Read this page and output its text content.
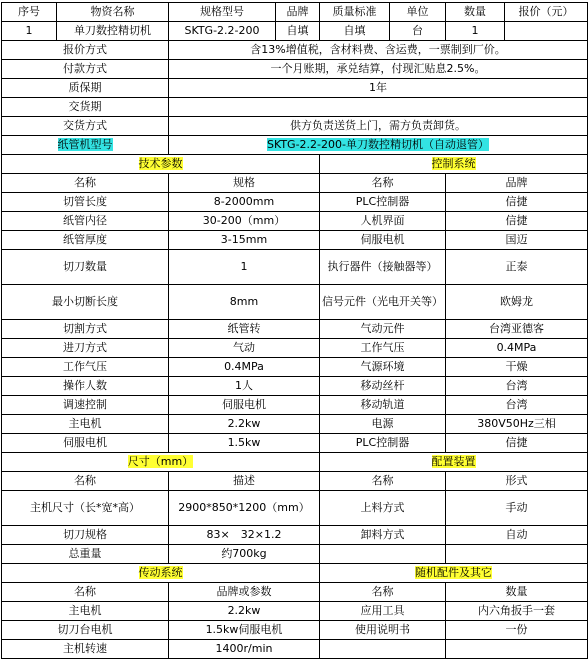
序号	物资名称	规格型号	品牌	质量标准	单位	数量	报价（元）
1	单刀数控精切机	SKTG-2.2-200	自填	自填	台	1	
报价方式		含13%增值税，含材料费、含运费，一票制到厂价。					
付款方式		一个月账期，承兑结算，付现汇贴息2.5%。					
质保期		1年					
交货期							
交货方式		供方负责送货上门，需方负责卸货。					
纸管机型号		SKTG-2.2-200-单刀数控精切机（自动退管）					
技术参数				控制系统			
名称		规格		名称		品牌	
切管长度		8-2000mm		PLC控制器		信捷	
纸管内径		30-200（mm）		人机界面		信捷	
纸管厚度		3-15mm		伺服电机		国迈	
切刀数量		1		执行器件（接触器等）		正泰	
最小切断长度		8mm		信号元件（光电开关等）		欧姆龙	
切割方式		纸管转		气动元件		台湾亚德客	
进刀方式		气动		工作气压		0.4MPa	
工作气压		0.4MPa		气源环境		干燥	
操作人数		1人		移动丝杆		台湾	
调速控制		伺服电机		移动轨道		台湾	
主电机		2.2kw		电源		380V50Hz三相	
伺服电机		1.5kw		PLC控制器		信捷	
尺寸（mm）				配置装置			
名称		描述		名称		形式	
主机尺寸（长*宽*高）		2900*850*1200（mm）		上料方式		手动	
切刀规格		83×　32×1.2		卸料方式		自动	
总重量		约700kg					
传动系统				随机配件及其它			
名称		品牌或参数		名称		数量	
主电机		2.2kw		应用工具		内六角扳手一套	
切刀台电机		1.5kw伺服电机		使用说明书		一份	
主机转速		1400r/min					
